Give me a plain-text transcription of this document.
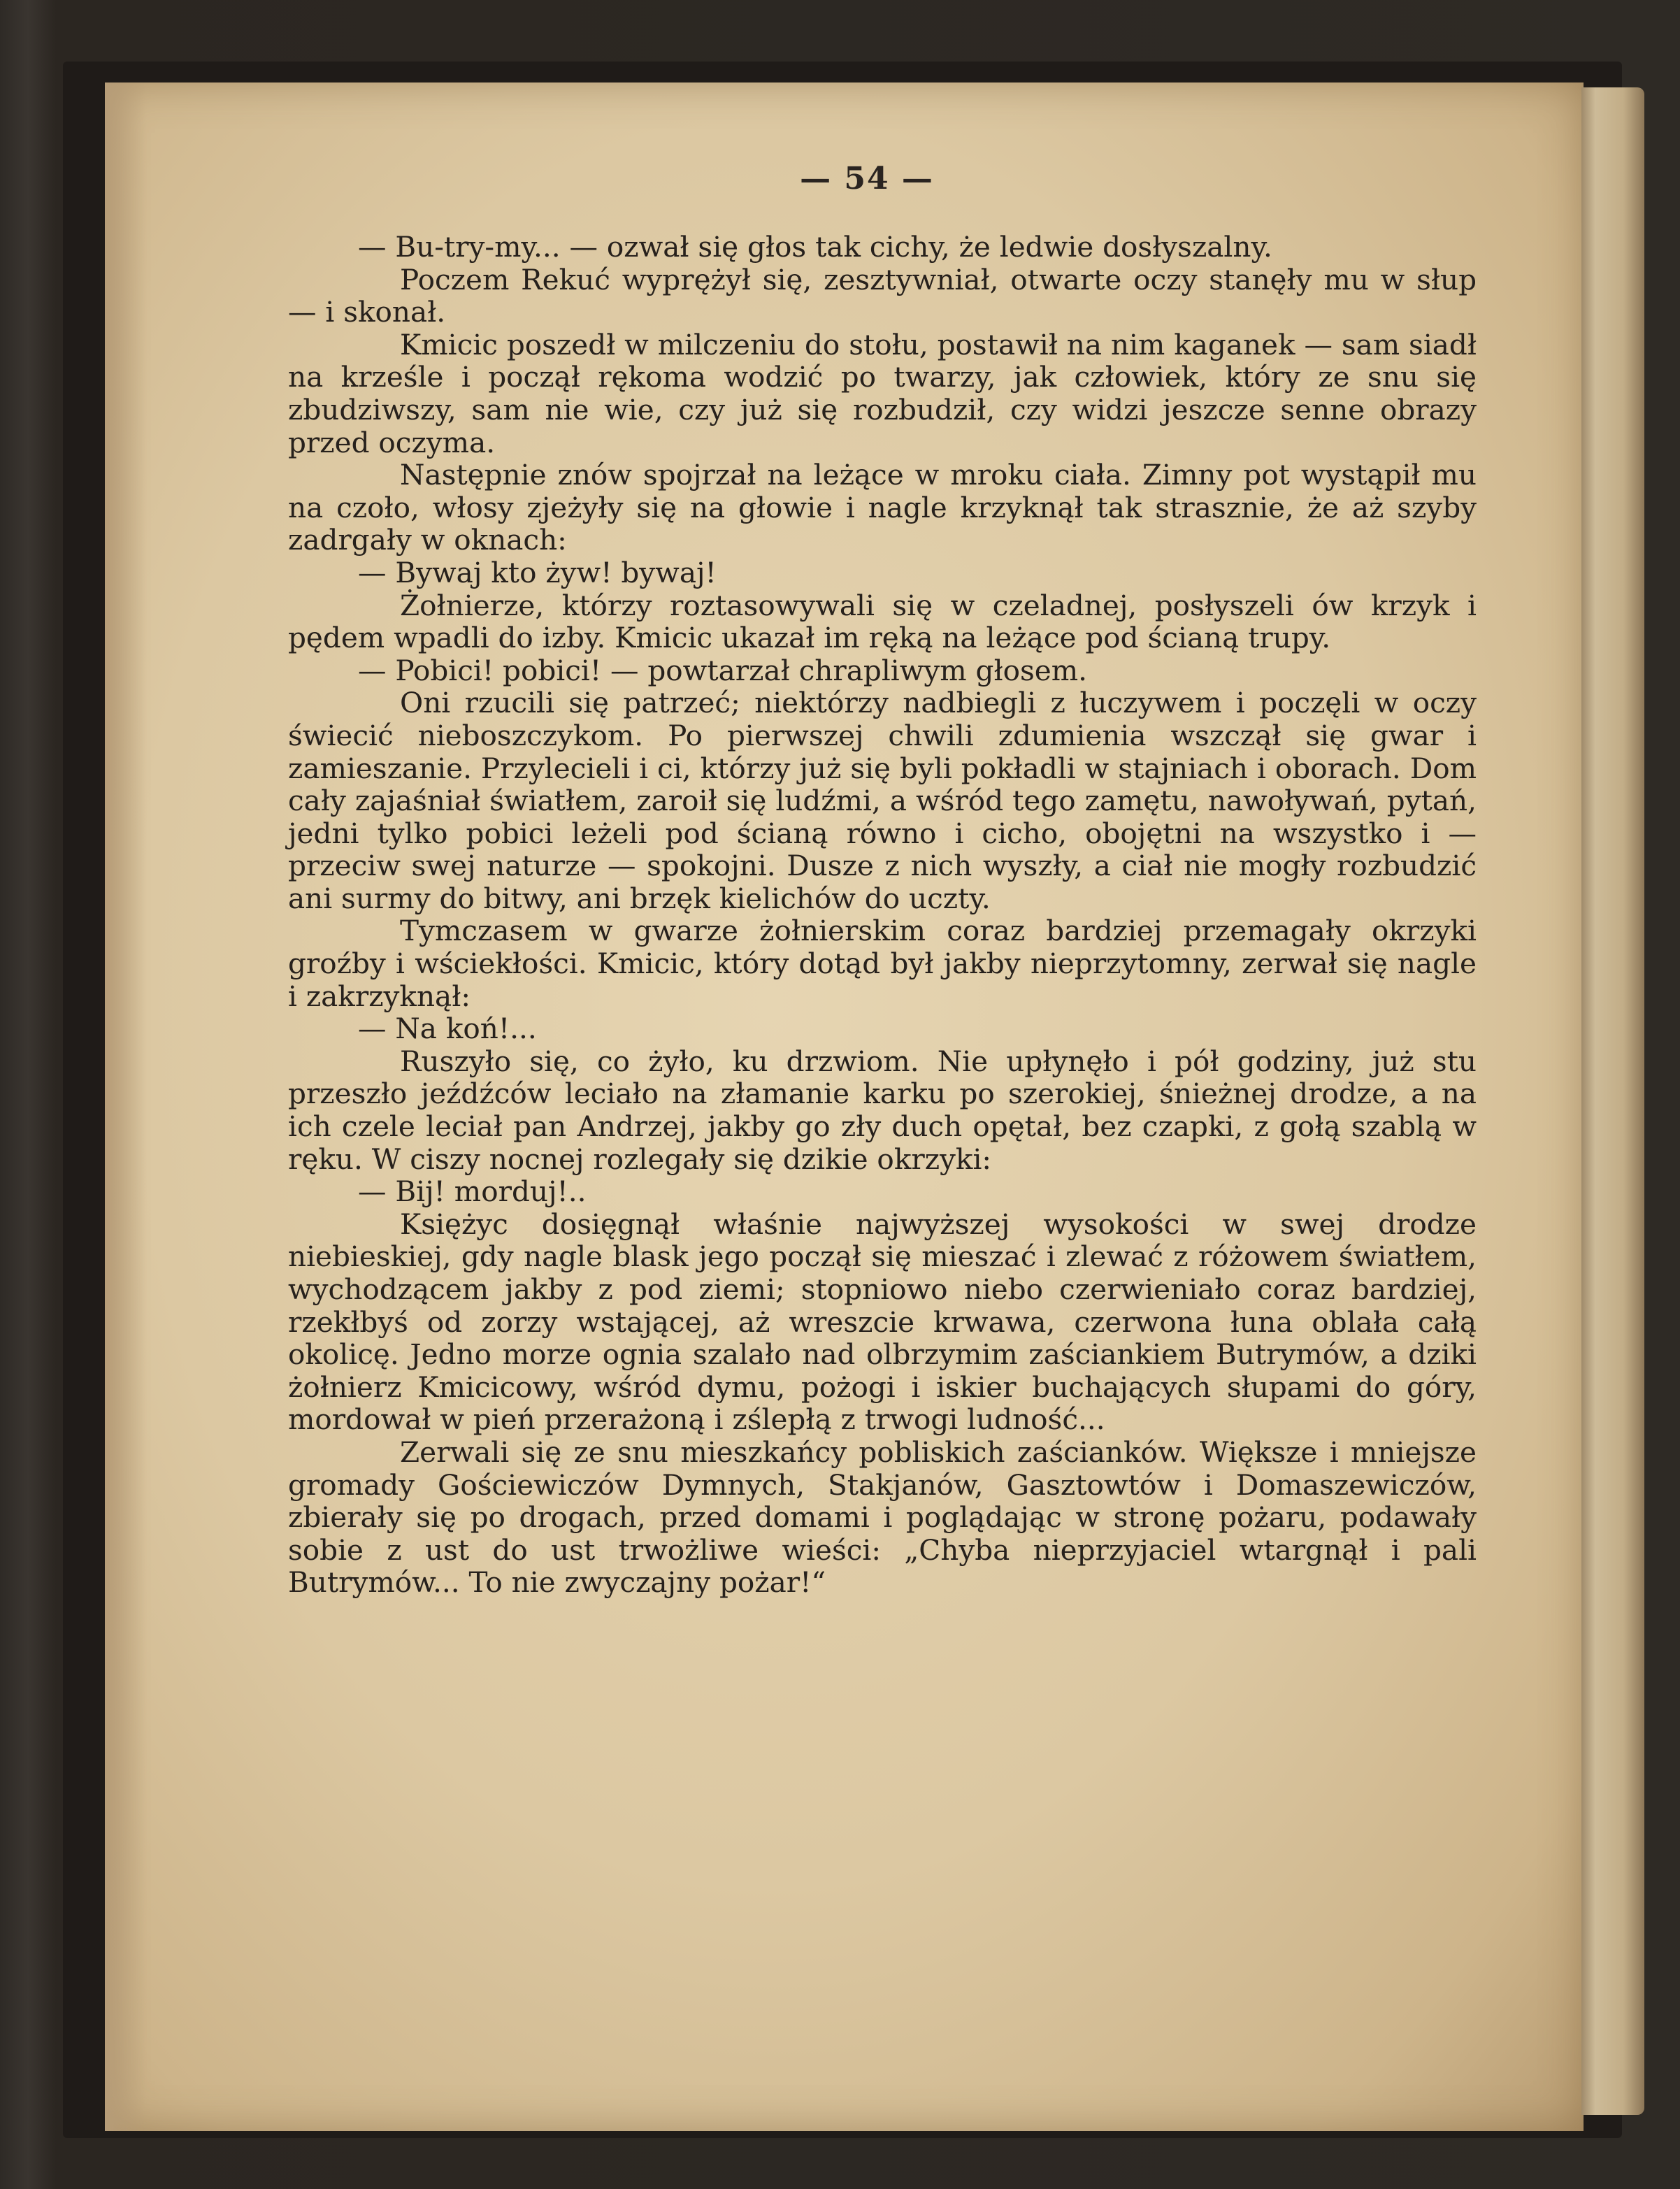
— 54 —

— Bu-try-my... — ozwał się głos tak cichy, że ledwie dosłyszalny.

Poczem Rekuć wyprężył się, zesztywniał, otwarte oczy stanęły mu w słup — i skonał.

Kmicic poszedł w milczeniu do stołu, postawił na nim kaganek — sam siadł na krześle i począł rękoma wodzić po twarzy, jak człowiek, który ze snu się zbudziwszy, sam nie wie, czy już się rozbudził, czy widzi jeszcze senne obrazy przed oczyma.

Następnie znów spojrzał na leżące w mroku ciała. Zimny pot wystąpił mu na czoło, włosy zjeżyły się na głowie i nagle krzyknął tak strasznie, że aż szyby zadrgały w oknach:

— Bywaj kto żyw! bywaj!

Żołnierze, którzy roztasowywali się w czeladnej, posłyszeli ów krzyk i pędem wpadli do izby. Kmicic ukazał im ręką na leżące pod ścianą trupy.

— Pobici! pobici! — powtarzał chrapliwym głosem.

Oni rzucili się patrzeć; niektórzy nadbiegli z łuczywem i poczęli w oczy świecić nieboszczykom. Po pierwszej chwili zdumienia wszczął się gwar i zamieszanie. Przylecieli i ci, którzy już się byli pokładli w stajniach i oborach. Dom cały zajaśniał światłem, zaroił się ludźmi, a wśród tego zamętu, nawoływań, pytań, jedni tylko pobici leżeli pod ścianą równo i cicho, obojętni na wszystko i — przeciw swej naturze — spokojni. Dusze z nich wyszły, a ciał nie mogły rozbudzić ani surmy do bitwy, ani brzęk kielichów do uczty.

Tymczasem w gwarze żołnierskim coraz bardziej przemagały okrzyki groźby i wściekłości. Kmicic, który dotąd był jakby nieprzytomny, zerwał się nagle i zakrzyknął:

— Na koń!...

Ruszyło się, co żyło, ku drzwiom. Nie upłynęło i pół godziny, już stu przeszło jeźdźców leciało na złamanie karku po szerokiej, śnieżnej drodze, a na ich czele leciał pan Andrzej, jakby go zły duch opętał, bez czapki, z gołą szablą w ręku. W ciszy nocnej rozlegały się dzikie okrzyki:

— Bij! morduj!..

Księżyc dosięgnął właśnie najwyższej wysokości w swej drodze niebieskiej, gdy nagle blask jego począł się mieszać i zlewać z różowem światłem, wychodzącem jakby z pod ziemi; stopniowo niebo czerwieniało coraz bardziej, rzekłbyś od zorzy wstającej, aż wreszcie krwawa, czerwona łuna oblała całą okolicę. Jedno morze ognia szalało nad olbrzymim zaściankiem Butrymów, a dziki żołnierz Kmicicowy, wśród dymu, pożogi i iskier buchających słupami do góry, mordował w pień przerażoną i zślepłą z trwogi ludność...

Zerwali się ze snu mieszkańcy pobliskich zaścianków. Większe i mniejsze gromady Gościewiczów Dymnych, Stakjanów, Gasztowtów i Domaszewiczów, zbierały się po drogach, przed domami i poglądając w stronę pożaru, podawały sobie z ust do ust trwożliwe wieści: „Chyba nieprzyjaciel wtargnął i pali Butrymów... To nie zwyczajny pożar!“
